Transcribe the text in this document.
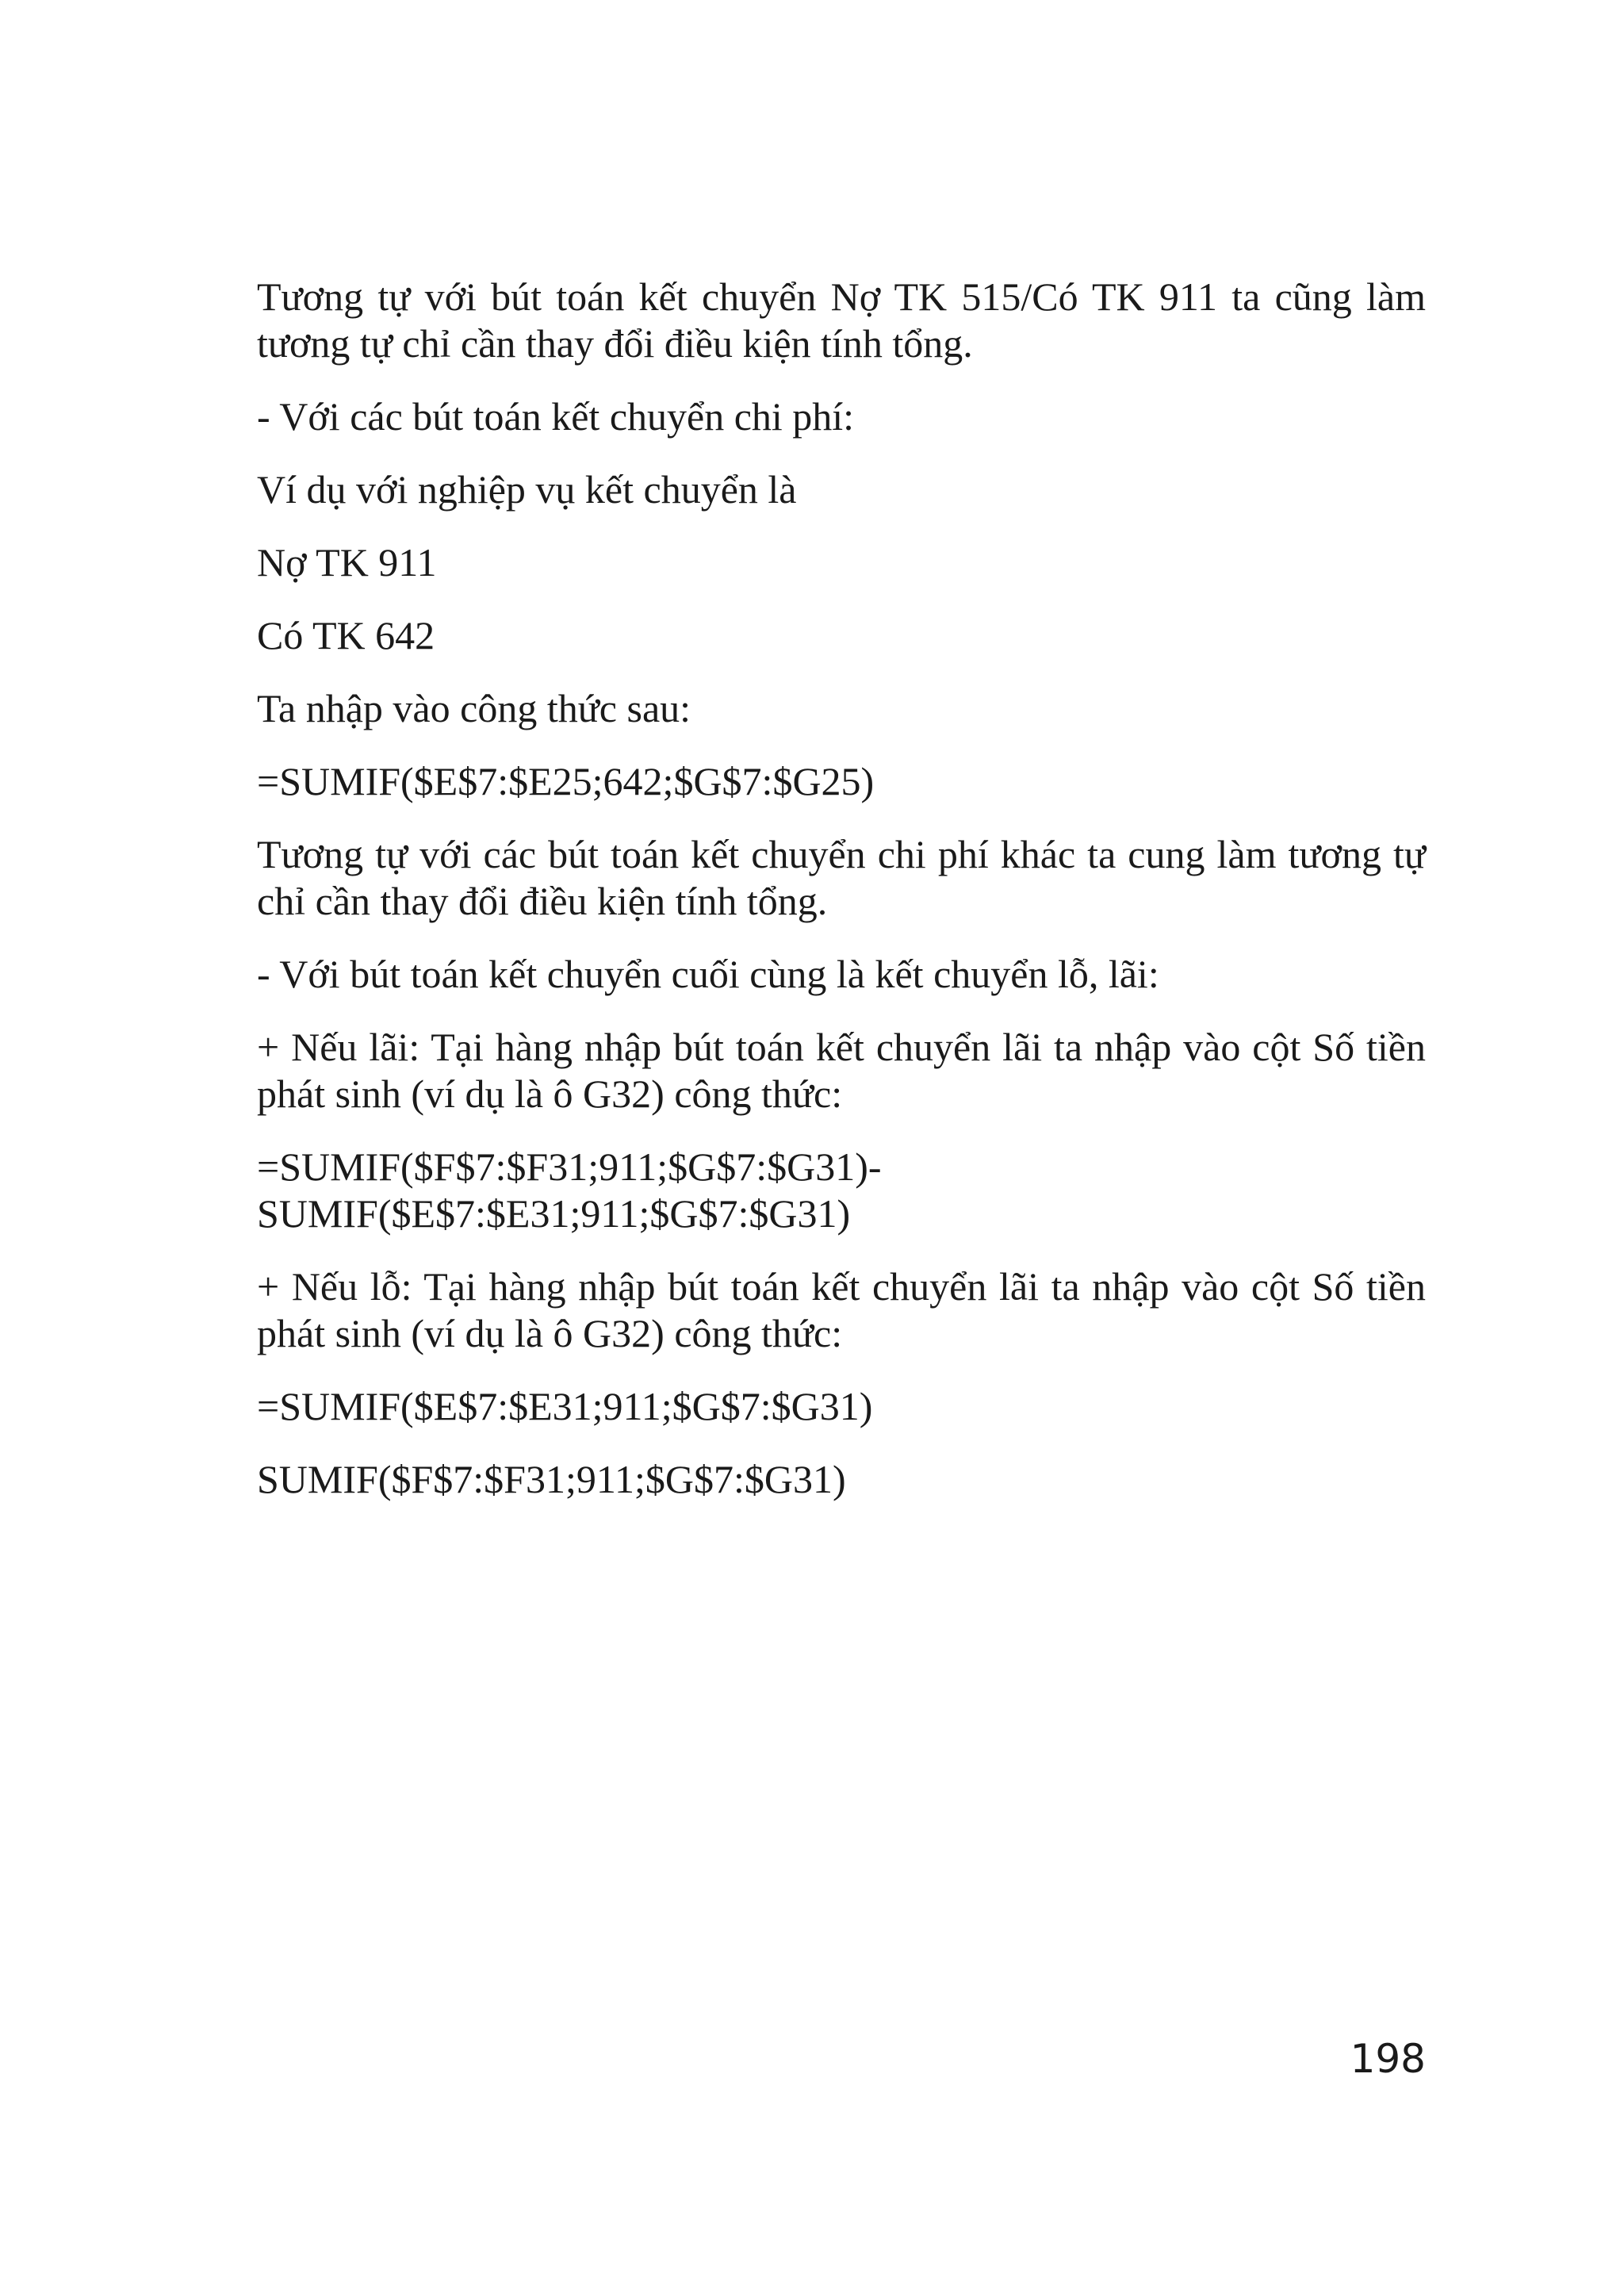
Tương tự với bút toán kết chuyển Nợ TK 515/Có TK 911 ta cũng làm tương tự chỉ cần thay đổi điều kiện tính tổng.

- Với các bút toán kết chuyển chi phí:

Ví dụ với nghiệp vụ kết chuyển là

Nợ TK 911

Có TK 642

Ta nhập vào công thức sau:

=SUMIF($E$7:$E25;642;$G$7:$G25)

Tương tự với các bút toán kết chuyển chi phí khác ta cung làm tương tự chỉ cần thay đổi điều kiện tính tổng.

- Với bút toán kết chuyển cuối cùng là kết chuyển lỗ, lãi:

+ Nếu lãi: Tại hàng nhập bút toán kết chuyển lãi ta nhập vào cột Số tiền phát sinh (ví dụ là ô G32) công thức:

=SUMIF($F$7:$F31;911;$G$7:$G31)-
SUMIF($E$7:$E31;911;$G$7:$G31)

+ Nếu lỗ: Tại hàng nhập bút toán kết chuyển lãi ta nhập vào cột Số tiền phát sinh (ví dụ là ô G32) công thức:

=SUMIF($E$7:$E31;911;$G$7:$G31)

SUMIF($F$7:$F31;911;$G$7:$G31)

198
